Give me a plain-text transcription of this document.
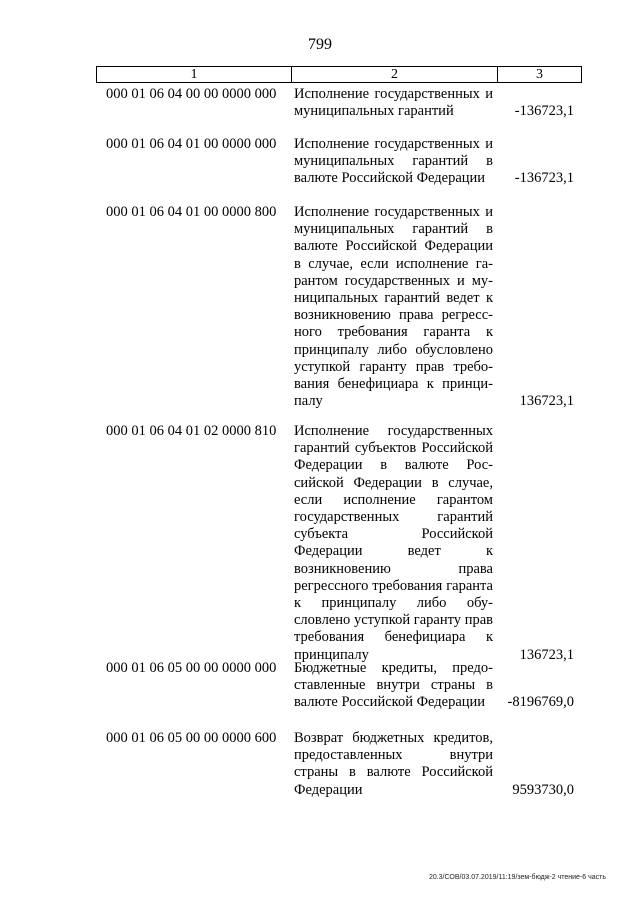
799
1	2	3
000 01 06 04 00 00 0000 000	Исполнение государственных и муниципальных гарантий	-136723,1
000 01 06 04 01 00 0000 000	Исполнение государственных и муниципальных гарантий в валюте Российской Федерации	-136723,1
000 01 06 04 01 00 0000 800	Исполнение государственных и муниципальных гарантий в валюте Российской Федерации в случае, если исполнение гарантом государственных и муниципальных гарантий ведет к возникновению права регрессного требования гаранта к принципалу либо обусловлено уступкой гаранту прав требования бенефициара к принципалу	136723,1
000 01 06 04 01 02 0000 810	Исполнение государственных гарантий субъектов Российской Федерации в валюте Российской Федерации в случае, если исполнение гарантом государственных гарантий субъекта Российской Федерации ведет к возникновению права регрессного требования гаранта к принципалу либо обусловлено уступкой гаранту прав требования бенефициара к принципалу	136723,1
000 01 06 05 00 00 0000 000	Бюджетные кредиты, предоставленные внутри страны в валюте Российской Федерации	-8196769,0
000 01 06 05 00 00 0000 600	Возврат бюджетных кредитов, предоставленных внутри страны в валюте Российской Федерации	9593730,0
20.3/СОВ/03.07.2019/11:19/зем-бюдж-2 чтение-6 часть
